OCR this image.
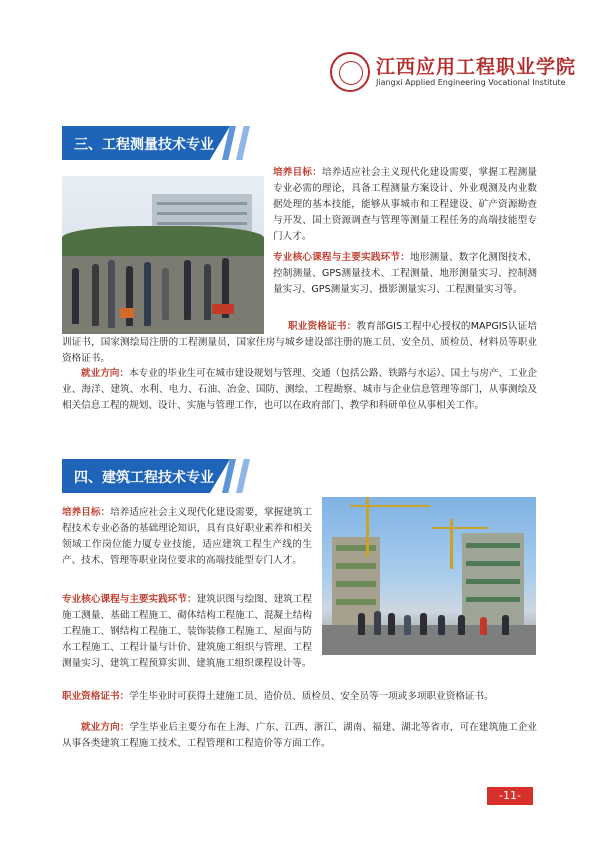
江西应用工程职业学院
Jiangxi Applied Engineering Vocational Institute
三、工程测量技术专业
培养目标：培养适应社会主义现代化建设需要，掌握工程测量专业必需的理论，具备工程测量方案设计、外业观测及内业数据处理的基本技能，能够从事城市和工程建设、矿产资源勘查与开发、国土资源调查与管理等测量工程任务的高端技能型专门人才。
专业核心课程与主要实践环节：地形测量、数字化测图技术、控制测量、GPS测量技术、工程测量、地形测量实习、控制测量实习、GPS测量实习、摄影测量实习、工程测量实习等。
职业资格证书：教育部GIS工程中心授权的MAPGIS认证培训证书，国家测绘局注册的工程测量员，国家住房与城乡建设部注册的施工员、安全员、质检员、材料员等职业资格证书。
就业方向：本专业的毕业生可在城市建设规划与管理、交通（包括公路、铁路与水运）、国土与房产、工业企业、海洋、建筑、水利、电力、石油、冶金、国防、测绘、工程勘察、城市与企业信息管理等部门，从事测绘及相关信息工程的规划、设计、实施与管理工作，也可以在政府部门、教学和科研单位从事相关工作。
四、建筑工程技术专业
培养目标：培养适应社会主义现代化建设需要，掌握建筑工程技术专业必备的基础理论知识，具有良好职业素养和相关领域工作岗位能力厦专业技能，适应建筑工程生产线的生产、技术、管理等职业岗位要求的高端技能型专门人才。
专业核心课程与主要实践环节：建筑识图与绘图、建筑工程施工测量、基础工程施工、砌体结构工程施工、混凝土结构工程施工、钢结构工程施工、装饰装修工程施工、屋面与防水工程施工、工程计量与计价、建筑施工组织与管理、工程测量实习、建筑工程预算实训、建筑施工组织课程设计等。
职业资格证书：学生毕业时可获得土建施工员、造价员、质检员、安全员等一项或多项职业资格证书。
就业方向：学生毕业后主要分布在上海、广东、江西、浙江、湖南、福建、湖北等省市，可在建筑施工企业从事各类建筑工程施工技术、工程管理和工程造价等方面工作。
-11-
